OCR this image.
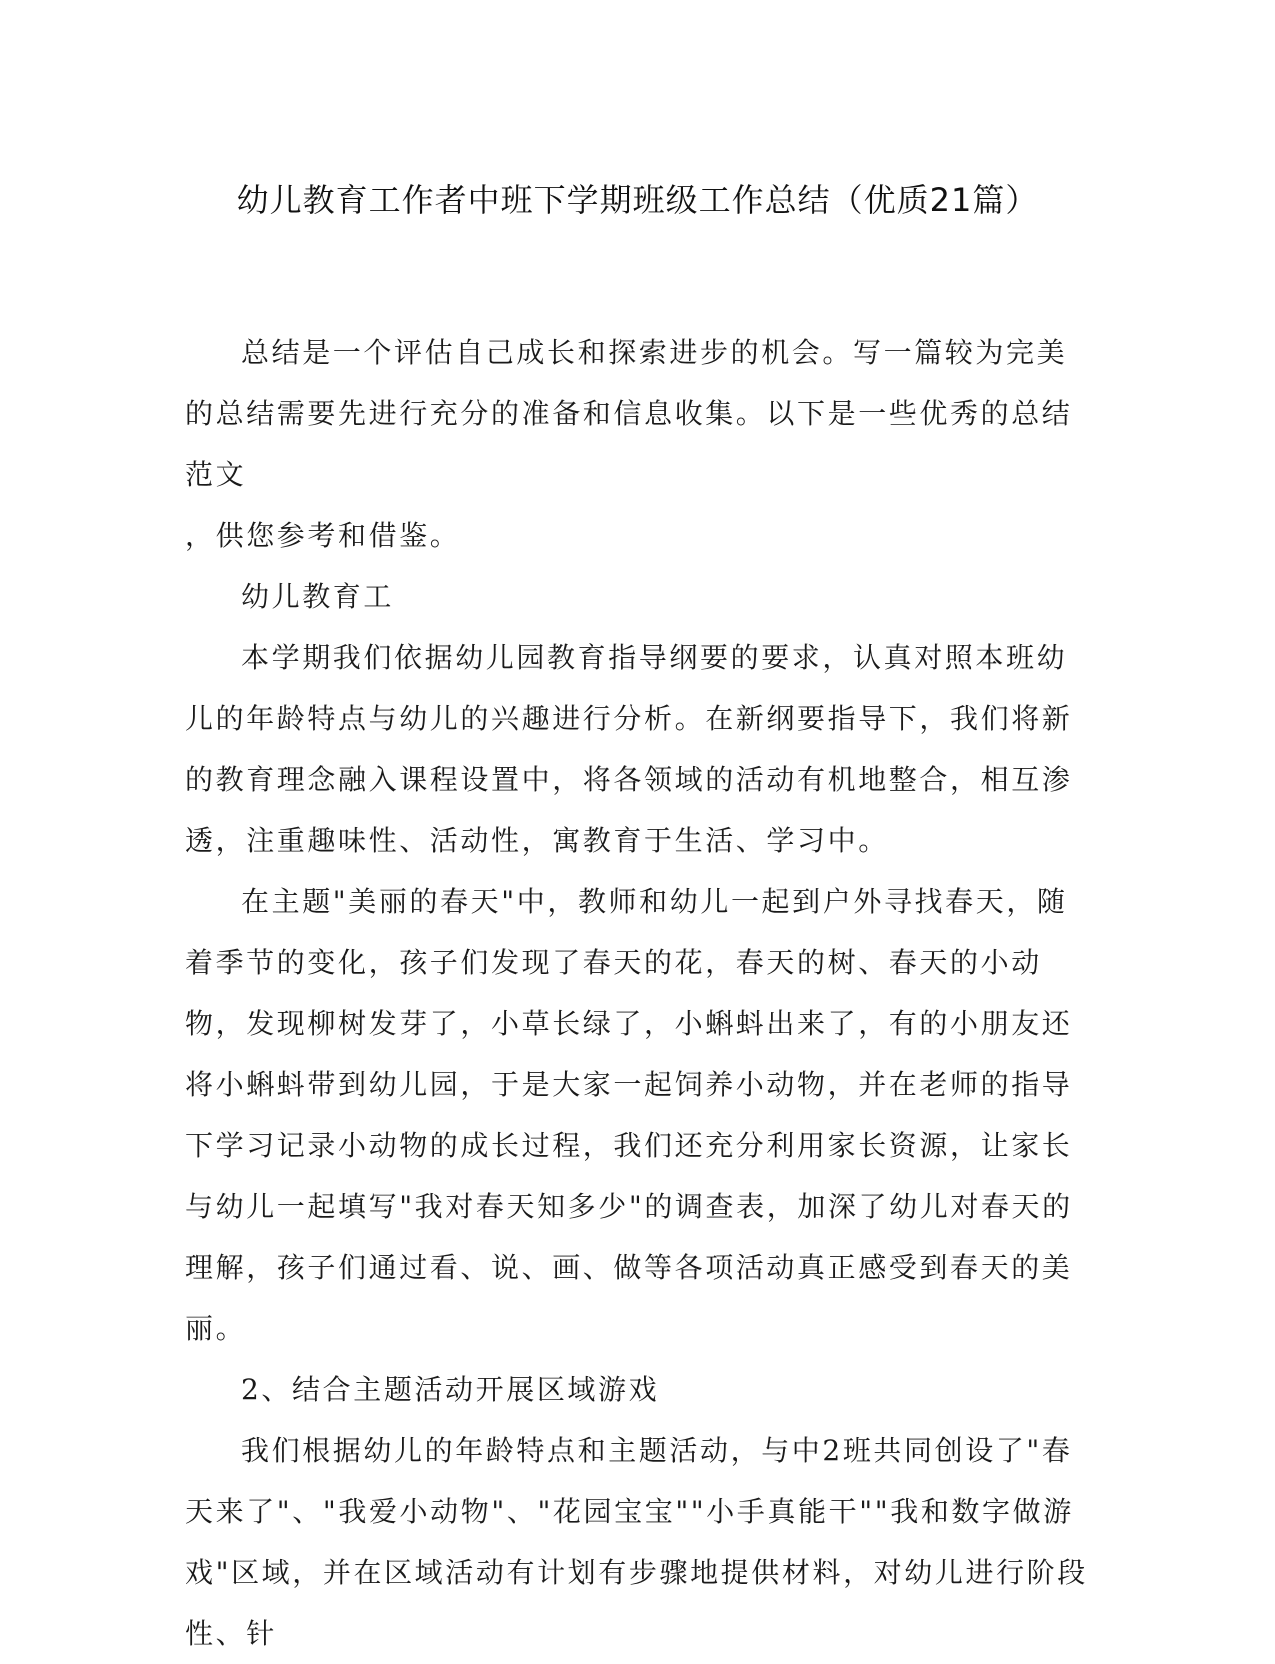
幼儿教育工作者中班下学期班级工作总结（优质21篇）

总结是一个评估自己成长和探索进步的机会。写一篇较为完美的总结需要先进行充分的准备和信息收集。以下是一些优秀的总结范文
，供您参考和借鉴。

幼儿教育工

本学期我们依据幼儿园教育指导纲要的要求，认真对照本班幼儿的年龄特点与幼儿的兴趣进行分析。在新纲要指导下，我们将新的教育理念融入课程设置中，将各领域的活动有机地整合，相互渗透，注重趣味性、活动性，寓教育于生活、学习中。

在主题"美丽的春天"中，教师和幼儿一起到户外寻找春天，随着季节的变化，孩子们发现了春天的花，春天的树、春天的小动物，发现柳树发芽了，小草长绿了，小蝌蚪出来了，有的小朋友还将小蝌蚪带到幼儿园，于是大家一起饲养小动物，并在老师的指导下学习记录小动物的成长过程，我们还充分利用家长资源，让家长与幼儿一起填写"我对春天知多少"的调查表，加深了幼儿对春天的理解，孩子们通过看、说、画、做等各项活动真正感受到春天的美丽。

2、结合主题活动开展区域游戏

我们根据幼儿的年龄特点和主题活动，与中2班共同创设了"春天来了"、"我爱小动物"、"花园宝宝""小手真能干""我和数字做游戏"区域，并在区域活动有计划有步骤地提供材料，对幼儿进行阶段性、针
